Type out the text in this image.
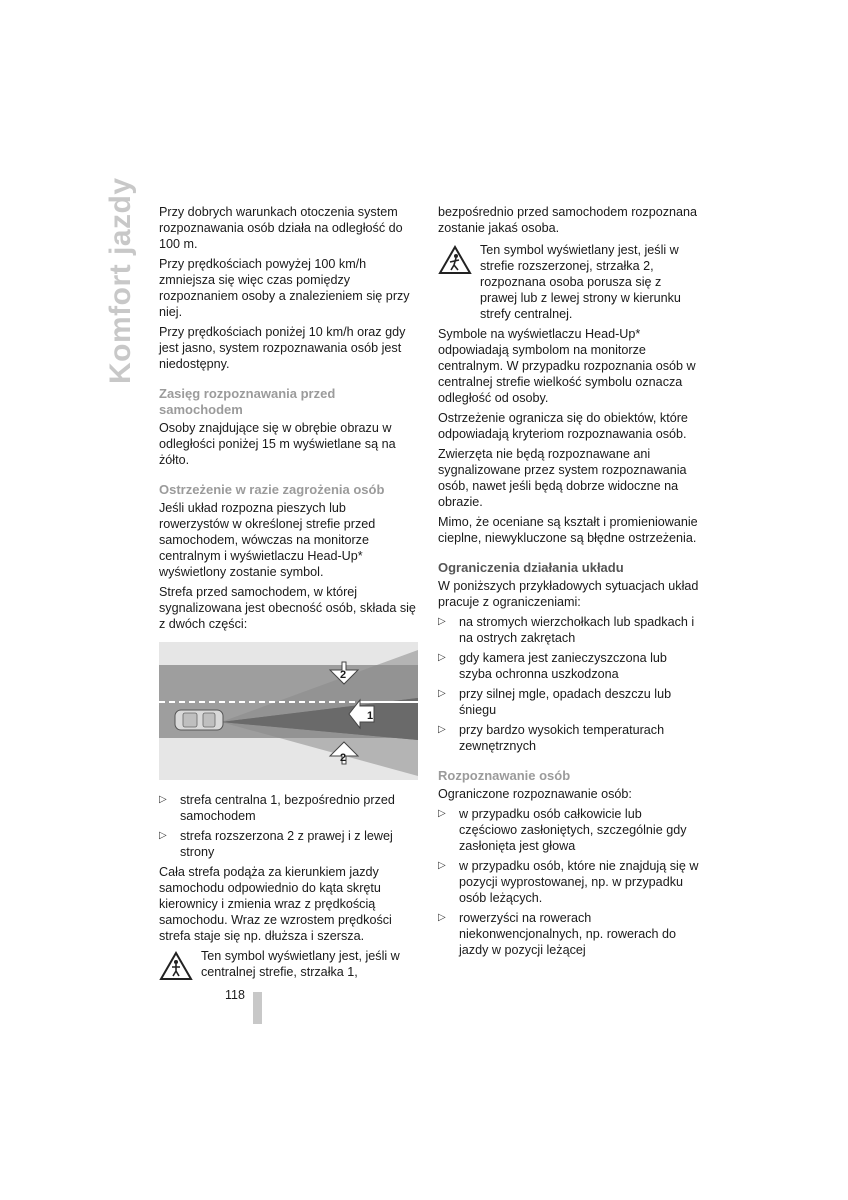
Komfort jazdy Przy dobrych warunkach otoczenia system rozpoznawania osób działa na odległość do 100 m.

Przy prędkościach powyżej 100 km/h zmniejsza się więc czas pomiędzy rozpoznaniem osoby a znalezieniem się przy niej.

Przy prędkościach poniżej 10 km/h oraz gdy jest jasno, system rozpoznawania osób jest niedostępny.

Zasięg rozpoznawania przed samochodem

Osoby znajdujące się w obrębie obrazu w odległości poniżej 15 m wyświetlane są na żółto.

Ostrzeżenie w razie zagrożenia osób

Jeśli układ rozpozna pieszych lub rowerzystów w określonej strefie przed samochodem, wówczas na monitorze centralnym i wyświetlaczu Head-Up* wyświetlony zostanie symbol.

Strefa przed samochodem, w której sygnalizowana jest obecność osób, składa się z dwóch części:

2
1
2
▷ strefa centralna 1, bezpośrednio przed samochodem
▷ strefa rozszerzona 2 z prawej i z lewej strony

Cała strefa podąża za kierunkiem jazdy samochodu odpowiednio do kąta skrętu kierownicy i zmienia wraz z prędkością samochodu. Wraz ze wzrostem prędkości strefa staje się np. dłuższa i szersza.

Ten symbol wyświetlany jest, jeśli w centralnej strefie, strzałka 1,

bezpośrednio przed samochodem rozpoznana zostanie jakaś osoba.

Ten symbol wyświetlany jest, jeśli w strefie rozszerzonej, strzałka 2, rozpoznana osoba porusza się z prawej lub z lewej strony w kierunku strefy centralnej.

Symbole na wyświetlaczu Head-Up* odpowiadają symbolom na monitorze centralnym. W przypadku rozpoznania osób w centralnej strefie wielkość symbolu oznacza odległość od osoby.

Ostrzeżenie ogranicza się do obiektów, które odpowiadają kryteriom rozpoznawania osób.

Zwierzęta nie będą rozpoznawane ani sygnalizowane przez system rozpoznawania osób, nawet jeśli będą dobrze widoczne na obrazie.

Mimo, że oceniane są kształt i promieniowanie cieplne, niewykluczone są błędne ostrzeżenia.

Ograniczenia działania układu

W poniższych przykładowych sytuacjach układ pracuje z ograniczeniami:

▷ na stromych wierzchołkach lub spadkach i na ostrych zakrętach
▷ gdy kamera jest zanieczyszczona lub szyba ochronna uszkodzona
▷ przy silnej mgle, opadach deszczu lub śniegu
▷ przy bardzo wysokich temperaturach zewnętrznych
Rozpoznawanie osób

Ograniczone rozpoznawanie osób:

▷ w przypadku osób całkowicie lub częściowo zasłoniętych, szczególnie gdy zasłonięta jest głowa
▷ w przypadku osób, które nie znajdują się w pozycji wyprostowanej, np. w przypadku osób leżących.
▷ rowerzyści na rowerach niekonwencjonalnych, np. rowerach do jazdy w pozycji leżącej
118
